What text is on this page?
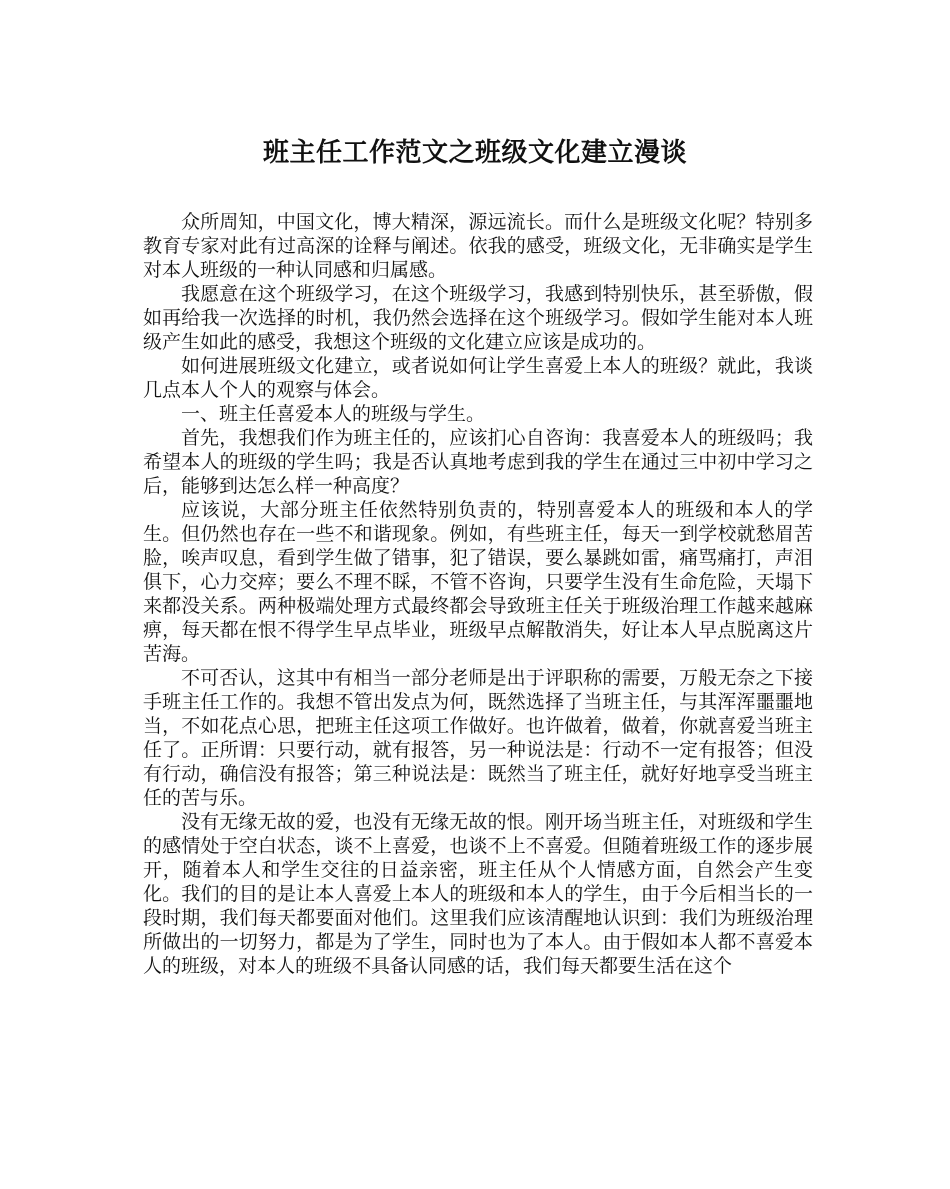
班主任工作范文之班级文化建立漫谈

众所周知，中国文化，博大精深，源远流长。而什么是班级文化呢？特别多教育专家对此有过高深的诠释与阐述。依我的感受，班级文化，无非确实是学生对本人班级的一种认同感和归属感。

我愿意在这个班级学习，在这个班级学习，我感到特别快乐，甚至骄傲，假如再给我一次选择的时机，我仍然会选择在这个班级学习。假如学生能对本人班级产生如此的感受，我想这个班级的文化建立应该是成功的。

如何进展班级文化建立，或者说如何让学生喜爱上本人的班级？就此，我谈几点本人个人的观察与体会。

一、班主任喜爱本人的班级与学生。

首先，我想我们作为班主任的，应该扪心自咨询：我喜爱本人的班级吗；我希望本人的班级的学生吗；我是否认真地考虑到我的学生在通过三中初中学习之后，能够到达怎么样一种高度？

应该说，大部分班主任依然特别负责的，特别喜爱本人的班级和本人的学生。但仍然也存在一些不和谐现象。例如，有些班主任，每天一到学校就愁眉苦脸，唉声叹息，看到学生做了错事，犯了错误，要么暴跳如雷，痛骂痛打，声泪俱下，心力交瘁；要么不理不睬，不管不咨询，只要学生没有生命危险，天塌下来都没关系。两种极端处理方式最终都会导致班主任关于班级治理工作越来越麻痹，每天都在恨不得学生早点毕业，班级早点解散消失，好让本人早点脱离这片苦海。

不可否认，这其中有相当一部分老师是出于评职称的需要，万般无奈之下接手班主任工作的。我想不管出发点为何，既然选择了当班主任，与其浑浑噩噩地当，不如花点心思，把班主任这项工作做好。也许做着，做着，你就喜爱当班主任了。正所谓：只要行动，就有报答，另一种说法是：行动不一定有报答；但没有行动，确信没有报答；第三种说法是：既然当了班主任，就好好地享受当班主任的苦与乐。

没有无缘无故的爱，也没有无缘无故的恨。刚开场当班主任，对班级和学生的感情处于空白状态，谈不上喜爱，也谈不上不喜爱。但随着班级工作的逐步展开，随着本人和学生交往的日益亲密，班主任从个人情感方面，自然会产生变化。我们的目的是让本人喜爱上本人的班级和本人的学生，由于今后相当长的一段时期，我们每天都要面对他们。这里我们应该清醒地认识到：我们为班级治理所做出的一切努力，都是为了学生，同时也为了本人。由于假如本人都不喜爱本人的班级，对本人的班级不具备认同感的话，我们每天都要生活在这个
